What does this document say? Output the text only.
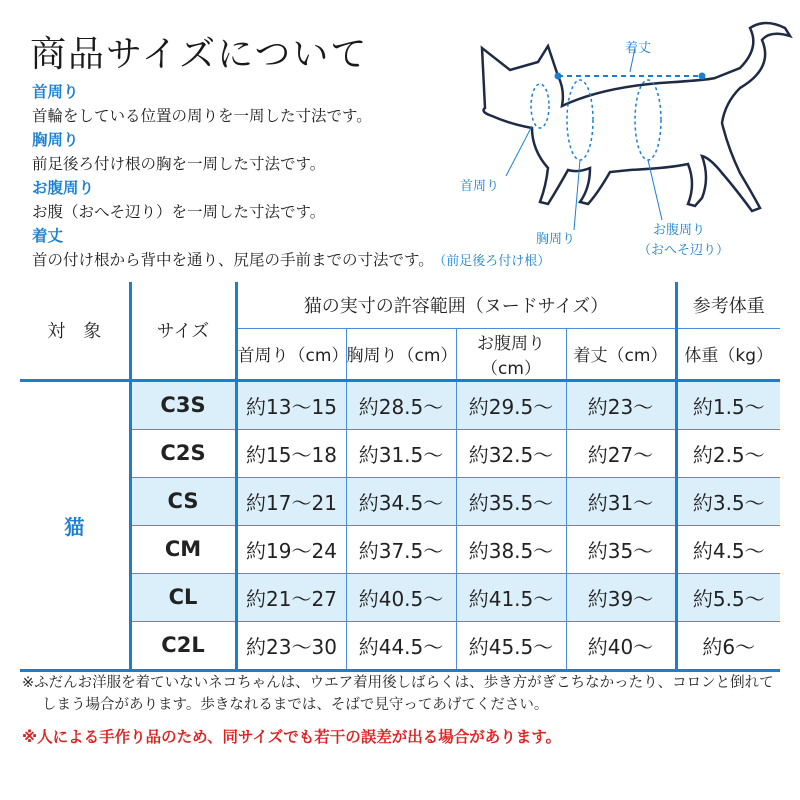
商品サイズについて
首周り
首輪をしている位置の周りを一周した寸法です。
胸周り
前足後ろ付け根の胸を一周した寸法です。
お腹周り
お腹（おへそ辺り）を一周した寸法です。
着丈
首の付け根から背中を通り、尻尾の手前までの寸法です。 （前足後ろ付け根）
着丈
首周り
胸周り
お腹周り
（おへそ辺り）
対　象	サイズ	猫の実寸の許容範囲（ヌードサイズ）				参考体重
		首周り（cm）	胸周り（cm）	お腹周り（cm）	着丈（cm）	体重（kg）
猫	C3S	約13〜15	約28.5〜	約29.5〜	約23〜	約1.5〜
	C2S	約15〜18	約31.5〜	約32.5〜	約27〜	約2.5〜
	CS	約17〜21	約34.5〜	約35.5〜	約31〜	約3.5〜
	CM	約19〜24	約37.5〜	約38.5〜	約35〜	約4.5〜
	CL	約21〜27	約40.5〜	約41.5〜	約39〜	約5.5〜
	C2L	約23〜30	約44.5〜	約45.5〜	約40〜	約6〜
※ふだんお洋服を着ていないネコちゃんは、ウエア着用後しばらくは、歩き方がぎこちなかったり、コロンと倒れてしまう場合があります。歩きなれるまでは、そばで見守ってあげてください。
※人による手作り品のため、同サイズでも若干の誤差が出る場合があります。
